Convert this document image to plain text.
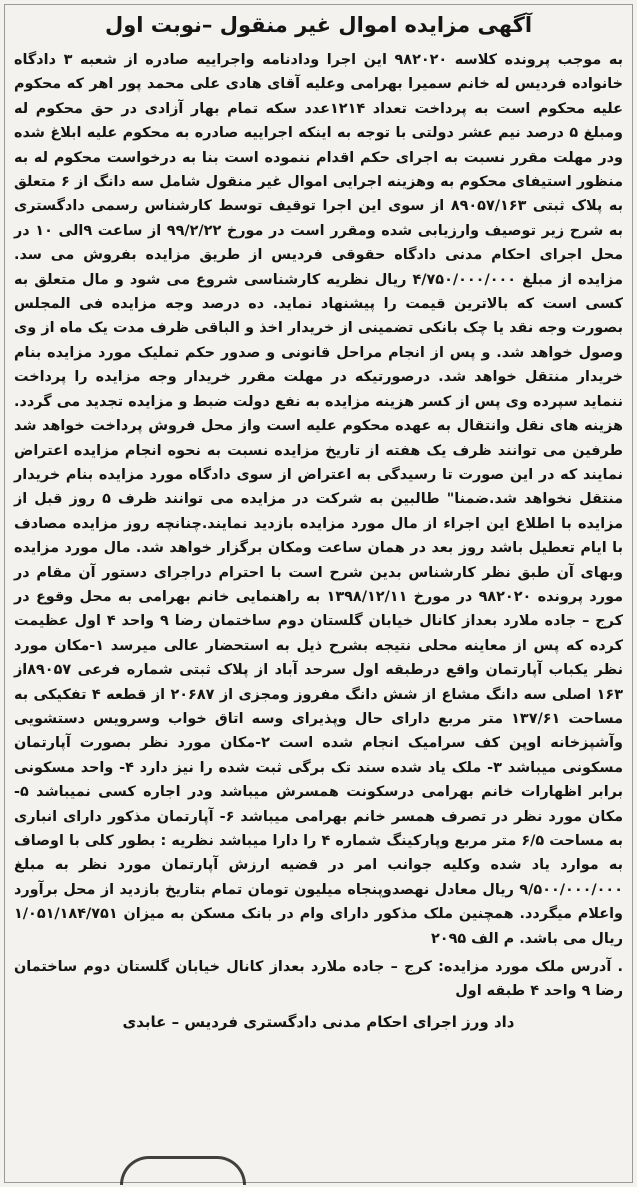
آگهی مزایده اموال غیر منقول –نوبت اول

به موجب پرونده کلاسه ۹۸۲۰۲۰ این اجرا ودادنامه واجراییه صادره از شعبه ۳ دادگاه خانواده فردیس له خانم سمیرا بهرامی وعلیه آقای هادی علی محمد پور اهر که محکوم علیه محکوم است به پرداخت تعداد ۱۲۱۴عدد سکه تمام بهار آزادی در حق محکوم له ومبلغ ۵ درصد نیم عشر دولتی با توجه به اینکه اجراییه صادره به محکوم علیه ابلاغ شده ودر مهلت مقرر نسبت به اجرای حکم اقدام ننموده است بنا به درخواست محکوم له به منظور استیفای محکوم به وهزینه اجرایی اموال غیر منقول شامل سه دانگ از ۶ متعلق به پلاک ثبتی ۸۹۰۵۷/۱۶۳ از سوی این اجرا توقیف توسط کارشناس رسمی دادگستری به شرح زیر توصیف وارزیابی شده ومقرر است در مورخ ۹۹/۲/۲۲ از ساعت ۹الی ۱۰ در محل اجرای احکام مدنی دادگاه حقوقی فردیس از طریق مزایده بفروش می سد. مزایده از مبلغ ۴/۷۵۰/۰۰۰/۰۰۰ ریال نظریه کارشناسی شروع می شود و مال متعلق به کسی است که بالاترین قیمت را پیشنهاد نماید. ده درصد وجه مزایده فی المجلس بصورت وجه نقد یا چک بانکی تضمینی از خریدار اخذ و الباقی ظرف مدت یک ماه از وی وصول خواهد شد. و پس از انجام مراحل قانونی و صدور حکم تملیک مورد مزایده بنام خریدار منتقل خواهد شد. درصورتیکه در مهلت مقرر خریدار وجه مزایده را پرداخت ننماید سپرده وی پس از کسر هزینه مزایده به نفع دولت ضبط و مزایده تجدید می گردد. هزینه های نقل وانتقال به عهده محکوم علیه است واز محل فروش پرداخت خواهد شد طرفین می توانند ظرف یک هفته از تاریخ مزایده نسبت به نحوه انجام مزایده اعتراض نمایند که در این صورت تا رسیدگی به اعتراض از سوی دادگاه مورد مزایده بنام خریدار منتقل نخواهد شد.ضمنا" طالبین به شرکت در مزایده می توانند ظرف ۵ روز قبل از مزایده با اطلاع این اجراء از مال مورد مزایده بازدید نمایند.چنانچه روز مزایده مصادف با ایام تعطیل باشد روز بعد در همان ساعت ومکان برگزار خواهد شد. مال مورد مزایده وبهای آن طبق نظر کارشناس بدین شرح است با احترام دراجرای دستور آن مقام در مورد پرونده ۹۸۲۰۲۰ در مورخ ۱۳۹۸/۱۲/۱۱ به راهنمایی خانم بهرامی به محل وقوع در کرج – جاده ملارد بعداز کانال خیابان گلستان دوم ساختمان رضا ۹ واحد ۴ اول عظیمت کرده که پس از معاینه محلی نتیجه بشرح ذیل به استحضار عالی میرسد ۱-مکان مورد نظر یکباب آپارتمان واقع درطبقه اول سرحد آباد از پلاک ثبتی شماره فرعی ۸۹۰۵۷از ۱۶۳ اصلی سه دانگ مشاع از شش دانگ مفروز ومجزی از ۲۰۶۸۷ از قطعه ۴ تفکیکی به مساحت ۱۳۷/۶۱ متر مربع دارای حال وپذیرای وسه اتاق خواب وسرویس دستشویی وآشپزخانه اوپن کف سرامیک انجام شده است ۲-مکان مورد نظر بصورت آپارتمان مسکونی میباشد ۳- ملک یاد شده سند تک برگی ثبت شده را نیز دارد ۴- واحد مسکونی برابر اظهارات خانم بهرامی درسکونت همسرش میباشد ودر اجاره کسی نمیباشد ۵- مکان مورد نظر در تصرف همسر خانم بهرامی میباشد ۶- آپارتمان مذکور دارای انباری به مساحت ۶/۵ متر مربع وپارکینگ شماره ۴ را دارا میباشد نظریه : بطور کلی با اوصاف به موارد یاد شده وکلیه جوانب امر در قضیه ارزش آپارتمان مورد نظر به مبلغ ۹/۵۰۰/۰۰۰/۰۰۰ ریال معادل نهصدوپنجاه میلیون تومان تمام بتاریخ بازدید از محل برآورد واعلام میگردد. همچنین ملک مذکور دارای وام در بانک مسکن به میزان ۱/۰۵۱/۱۸۴/۷۵۱ ریال می باشد. م الف ۲۰۹۵

. آدرس ملک مورد مزایده: کرج – جاده ملارد بعداز کانال خیابان گلستان دوم ساختمان رضا ۹ واحد ۴ طبقه اول

داد ورز اجرای احکام مدنی دادگستری فردیس – عابدی
